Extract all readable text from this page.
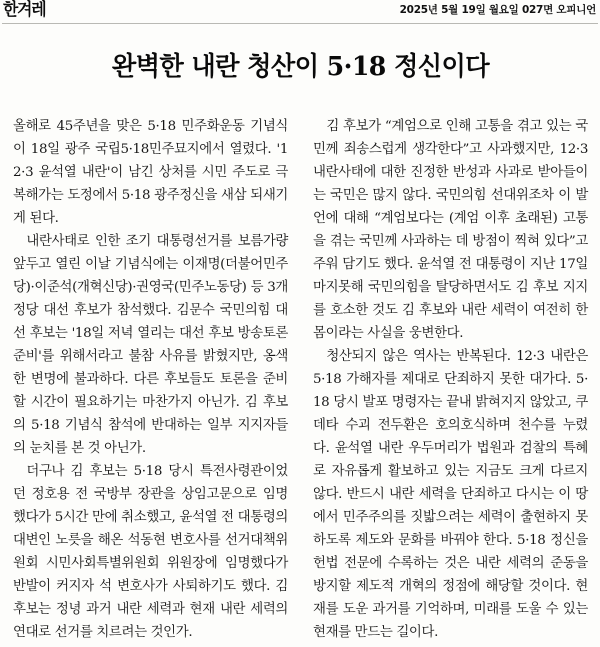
한겨레	2025년 5월 19일 월요일 027면 오피니언
완벽한 내란 청산이 5·18 정신이다

올해로 45주년을 맞은 5·18 민주화운동 기념식이 18일 광주 국립5·18민주묘지에서 열렸다. '12·3 윤석열 내란'이 남긴 상처를 시민 주도로 극복해가는 도정에서 5·18 광주정신을 새삼 되새기게 된다.

내란사태로 인한 조기 대통령선거를 보름가량 앞두고 열린 이날 기념식에는 이재명(더불어민주당)·이준석(개혁신당)·권영국(민주노동당) 등 3개 정당 대선 후보가 참석했다. 김문수 국민의힘 대선 후보는 '18일 저녁 열리는 대선 후보 방송토론 준비'를 위해서라고 불참 사유를 밝혔지만, 옹색한 변명에 불과하다. 다른 후보들도 토론을 준비할 시간이 필요하기는 마찬가지 아닌가. 김 후보의 5·18 기념식 참석에 반대하는 일부 지지자들의 눈치를 본 것 아닌가.

더구나 김 후보는 5·18 당시 특전사령관이었던 정호용 전 국방부 장관을 상임고문으로 임명했다가 5시간 만에 취소했고, 윤석열 전 대통령의 대변인 노릇을 해온 석동현 변호사를 선거대책위원회 시민사회특별위원회 위원장에 임명했다가 반발이 커지자 석 변호사가 사퇴하기도 했다. 김 후보는 정녕 과거 내란 세력과 현재 내란 세력의 연대로 선거를 치르려는 것인가.

김 후보가 “계엄으로 인해 고통을 겪고 있는 국민께 죄송스럽게 생각한다”고 사과했지만, 12·3 내란사태에 대한 진정한 반성과 사과로 받아들이는 국민은 많지 않다. 국민의힘 선대위조차 이 발언에 대해 “계엄보다는 (계엄 이후 초래된) 고통을 겪는 국민께 사과하는 데 방점이 찍혀 있다”고 주워 담기도 했다. 윤석열 전 대통령이 지난 17일 마지못해 국민의힘을 탈당하면서도 김 후보 지지를 호소한 것도 김 후보와 내란 세력이 여전히 한몸이라는 사실을 웅변한다.

청산되지 않은 역사는 반복된다. 12·3 내란은 5·18 가해자를 제대로 단죄하지 못한 대가다. 5·18 당시 발포 명령자는 끝내 밝혀지지 않았고, 쿠데타 수괴 전두환은 호의호식하며 천수를 누렸다. 윤석열 내란 우두머리가 법원과 검찰의 특혜로 자유롭게 활보하고 있는 지금도 크게 다르지 않다. 반드시 내란 세력을 단죄하고 다시는 이 땅에서 민주주의를 짓밟으려는 세력이 출현하지 못하도록 제도와 문화를 바꿔야 한다. 5·18 정신을 헌법 전문에 수록하는 것은 내란 세력의 준동을 방지할 제도적 개혁의 정점에 해당할 것이다. 현재를 도운 과거를 기억하며, 미래를 도울 수 있는 현재를 만드는 길이다.
